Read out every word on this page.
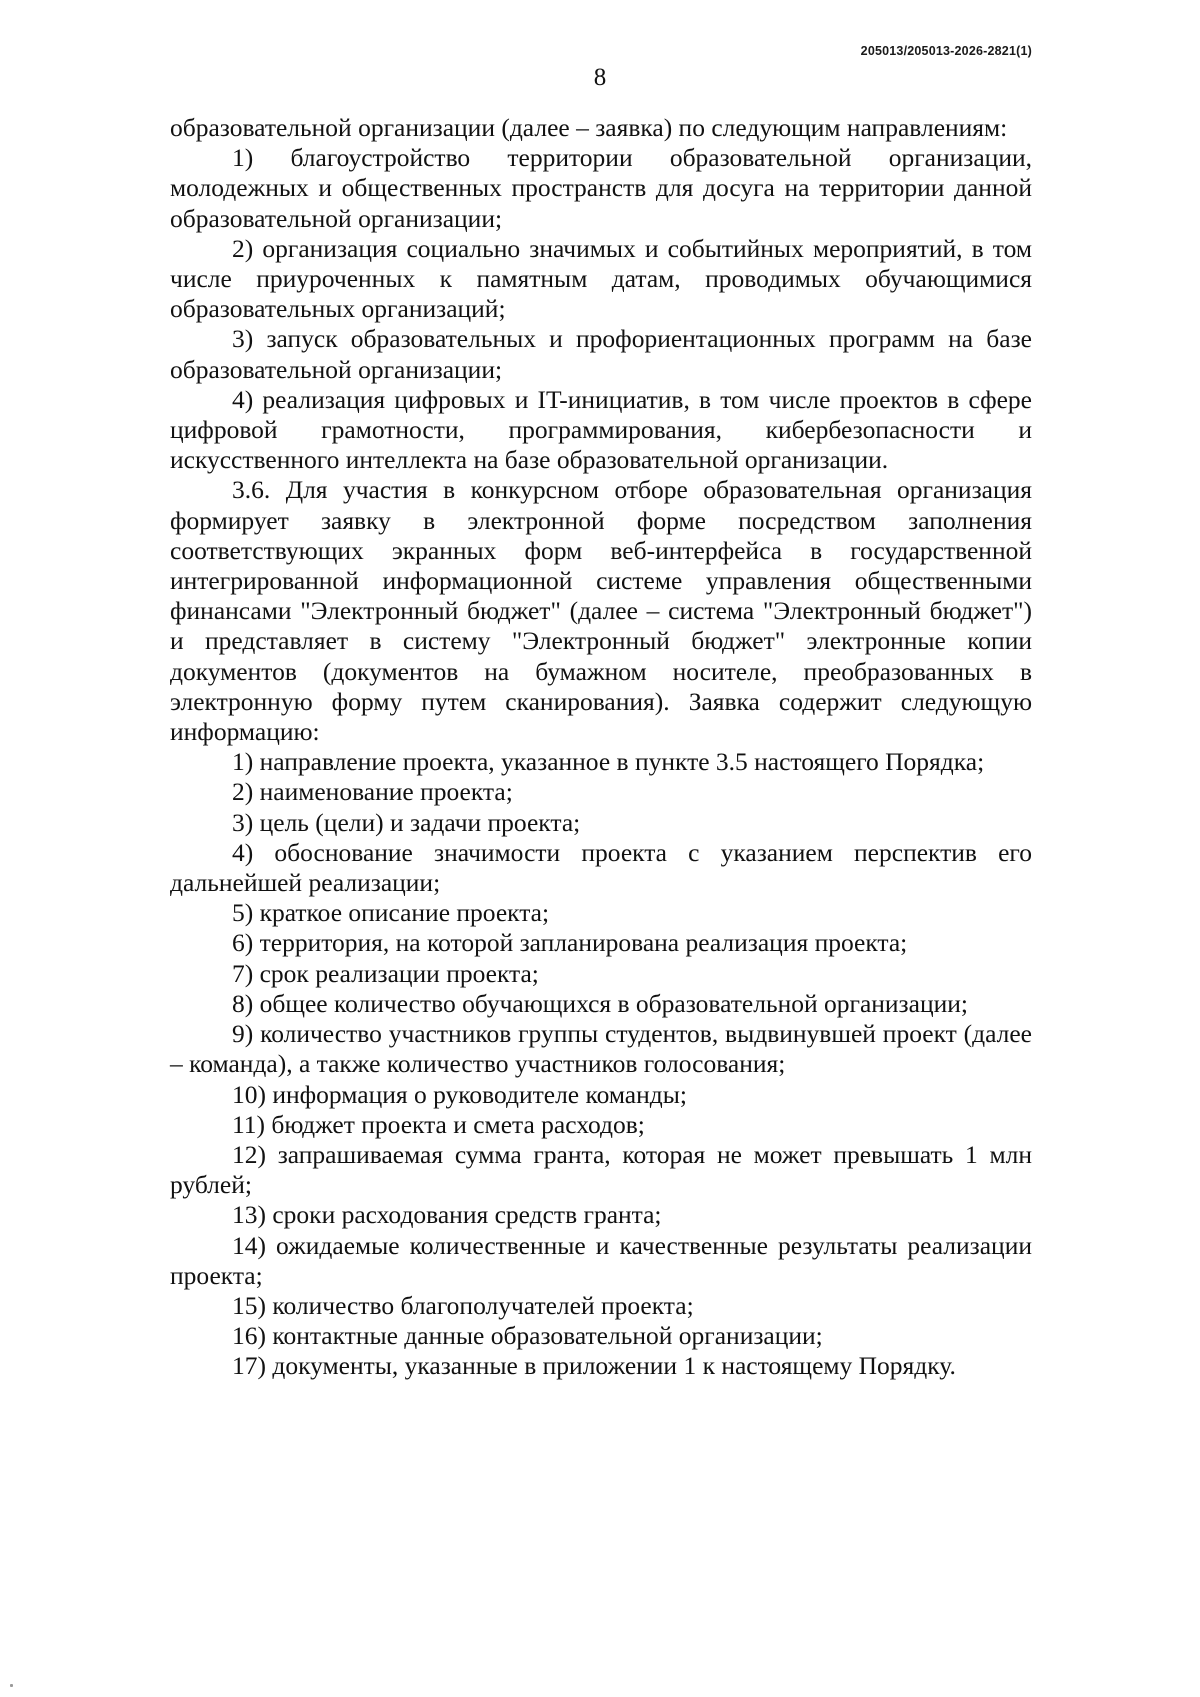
205013/205013-2026-2821(1)
8

образовательной организации (далее – заявка) по следующим направлениям:

1) благоустройство территории образовательной организации, молодежных и общественных пространств для досуга на территории данной образовательной организации;

2) организация социально значимых и событийных мероприятий, в том числе приуроченных к памятным датам, проводимых обучающимися образовательных организаций;

3) запуск образовательных и профориентационных программ на базе образовательной организации;

4) реализация цифровых и IT-инициатив, в том числе проектов в сфере цифровой грамотности, программирования, кибербезопасности и искусственного интеллекта на базе образовательной организации.

3.6. Для участия в конкурсном отборе образовательная организация формирует заявку в электронной форме посредством заполнения соответствующих экранных форм веб-интерфейса в государственной интегрированной информационной системе управления общественными финансами "Электронный бюджет" (далее – система "Электронный бюджет") и представляет в систему "Электронный бюджет" электронные копии документов (документов на бумажном носителе, преобразованных в электронную форму путем сканирования). Заявка содержит следующую информацию:

1) направление проекта, указанное в пункте 3.5 настоящего Порядка;

2) наименование проекта;

3) цель (цели) и задачи проекта;

4) обоснование значимости проекта с указанием перспектив его дальнейшей реализации;

5) краткое описание проекта;

6) территория, на которой запланирована реализация проекта;

7) срок реализации проекта;

8) общее количество обучающихся в образовательной организации;

9) количество участников группы студентов, выдвинувшей проект (далее – команда), а также количество участников голосования;

10) информация о руководителе команды;

11) бюджет проекта и смета расходов;

12) запрашиваемая сумма гранта, которая не может превышать 1 млн рублей;

13) сроки расходования средств гранта;

14) ожидаемые количественные и качественные результаты реализации проекта;

15) количество благополучателей проекта;

16) контактные данные образовательной организации;

17) документы, указанные в приложении 1 к настоящему Порядку.
